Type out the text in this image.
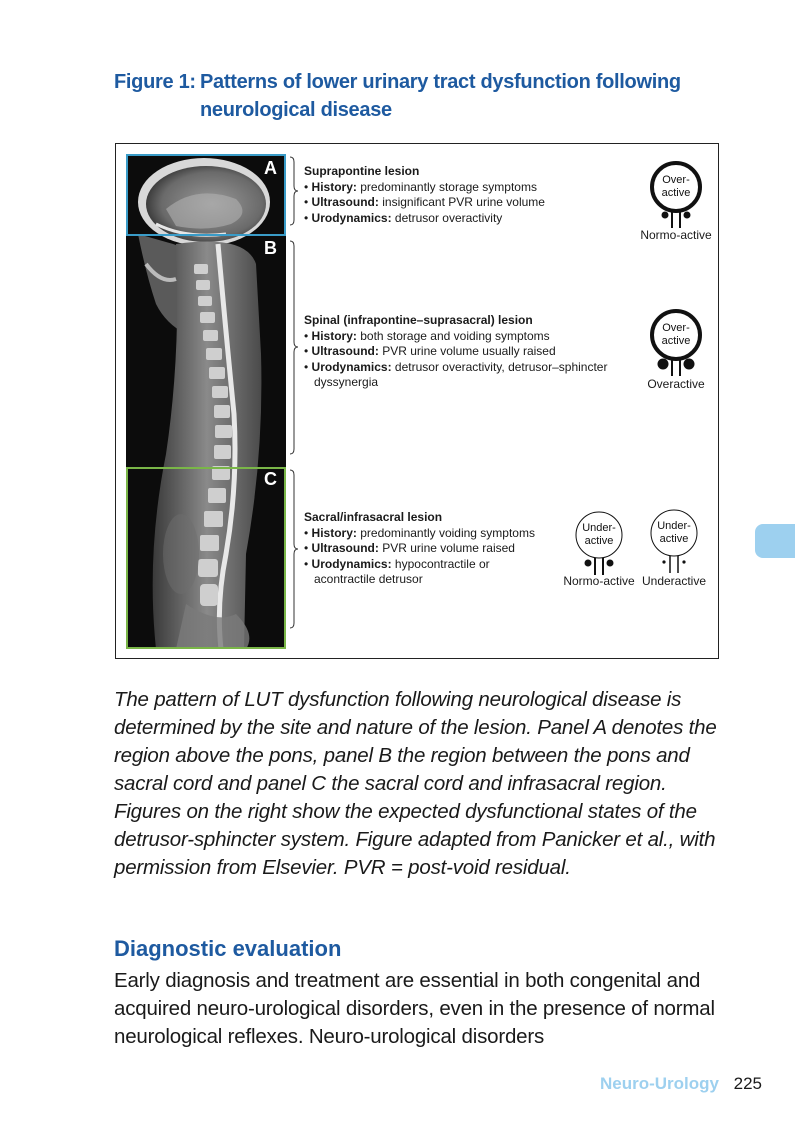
Figure 1: Patterns of lower urinary tract dysfunction following
neurological disease
A
B
C
Suprapontine lesion
• History: predominantly storage symptoms
• Ultrasound: insignificant PVR urine volume
• Urodynamics: detrusor overactivity
Spinal (infrapontine–suprasacral) lesion
• History: both storage and voiding symptoms
• Ultrasound: PVR urine volume usually raised
• Urodynamics: detrusor overactivity, detrusor–sphincter
dyssynergia
Sacral/infrasacral lesion
• History: predominantly voiding symptoms
• Ultrasound: PVR urine volume raised
• Urodynamics: hypocontractile or
acontractile detrusor
Over-
active
Normo-active
Over-
active
Overactive
Under-
active
Normo-active
Under-
active
Underactive
The pattern of LUT dysfunction following neurological disease is determined by the site and nature of the lesion. Panel A denotes the region above the pons, panel B the region between the pons and sacral cord and panel C the sacral cord and infrasacral region. Figures on the right show the expected dysfunctional states of the detrusor-sphincter system. Figure adapted from Panicker et al., with permission from Elsevier. PVR = post-void residual.
Diagnostic evaluation
Early diagnosis and treatment are essential in both congenital and acquired neuro-urological disorders, even in the presence of normal neurological reflexes. Neuro-urological disorders
Neuro-Urology 225
